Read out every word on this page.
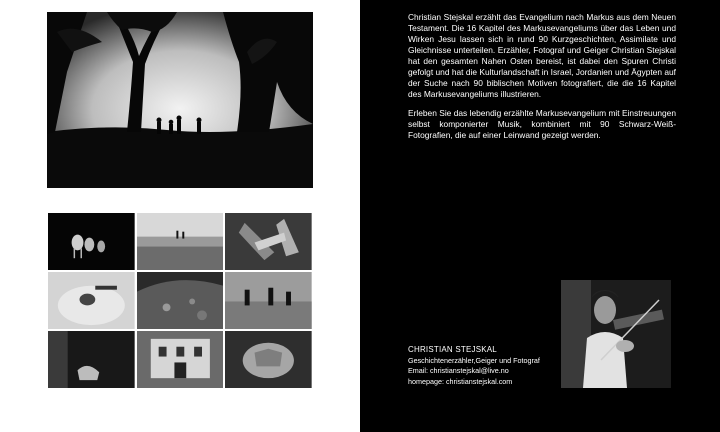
Christian Stejskal erzählt das Evangelium nach Markus aus dem Neuen Testament. Die 16 Kapitel des Markusevangeliums über das Leben und Wirken Jesu lassen sich in rund 90 Kurzgeschichten, Assimilate und Gleichnisse unterteilen. Erzähler, Fotograf und Geiger Christian Stejskal hat den gesamten Nahen Osten bereist, ist dabei den Spuren Christi gefolgt und hat die Kulturlandschaft in Israel, Jordanien und Ägypten auf der Suche nach 90 biblischen Motiven fotografiert, die die 16 Kapitel des Markusevangeliums illustrieren.

Erleben Sie das lebendig erzählte Markusevangelium mit Einstreuungen selbst komponierter Musik, kombiniert mit 90 Schwarz-Weiß-Fotografien, die auf einer Leinwand gezeigt werden.

CHRISTIAN STEJSKAL
Geschichtenerzähler,Geiger und Fotograf
Email: christianstejskal@live.no
homepage: christianstejskal.com
